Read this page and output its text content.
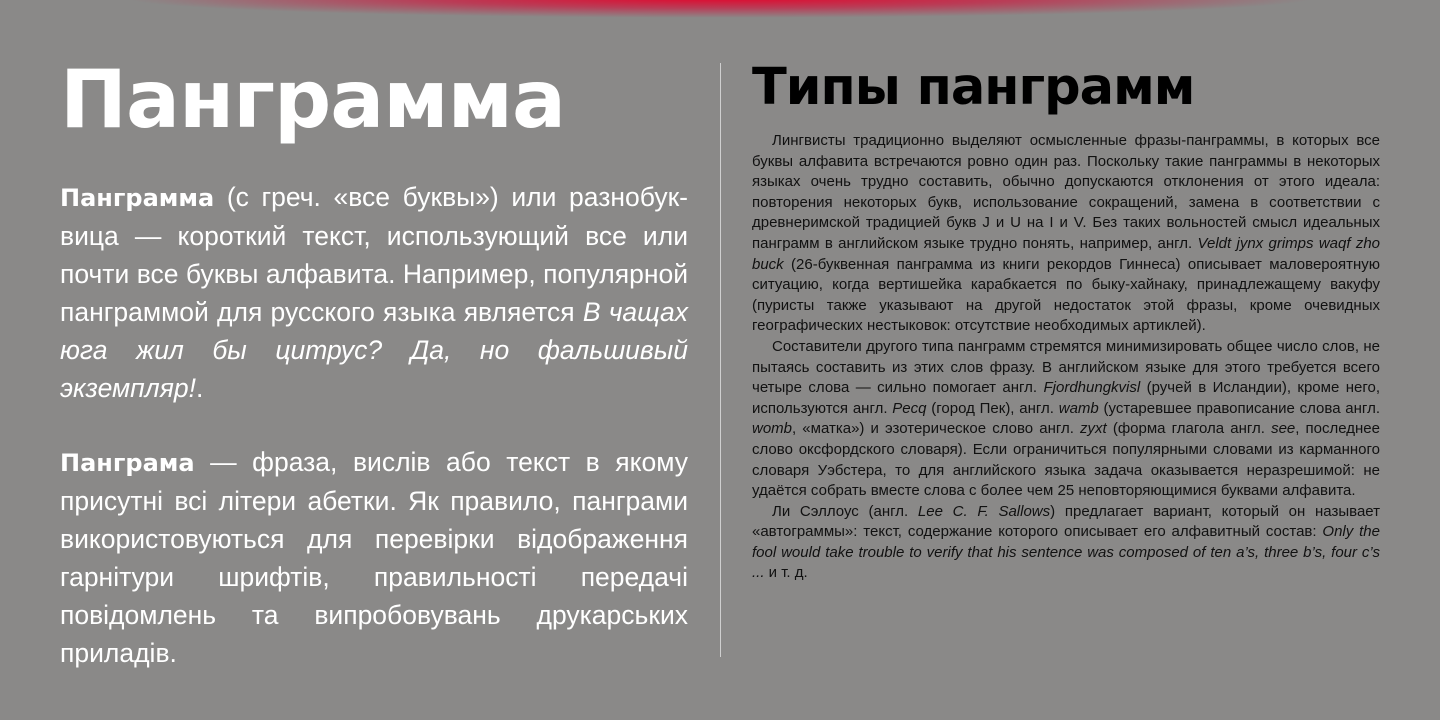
Панграмма

Панграмма (с греч. «все буквы») или разнобуквица — короткий текст, использующий все или почти все буквы алфавита. Например, популярной панграммой для русского языка является В чащах юга жил бы цитрус? Да, но фальшивый экземпляр!.

Панграма — фраза, вислів або текст в якому присутні всі літери абетки. Як правило, панграми використовуються для перевірки відображення гарнітури шрифтів, правильності передачі повідомлень та випробовувань друкарських приладів.

Типы панграмм

Лингвисты традиционно выделяют осмысленные фразы-панграммы, в которых все буквы алфавита встречаются ровно один раз. Поскольку такие панграммы в некоторых языках очень трудно составить, обычно допускаются отклонения от этого идеала: повторения некоторых букв, использование сокращений, замена в соответствии с древнеримской традицией букв J и U на I и V. Без таких вольностей смысл идеальных панграмм в английском языке трудно понять, например, англ. Veldt jynx grimps waqf zho buck (26-буквенная панграмма из книги рекордов Гиннеса) описывает маловероятную ситуацию, когда вертишейка карабкается по быку-хайнаку, принадлежащему вакуфу (пуристы также указывают на другой недостаток этой фразы, кроме очевидных географических нестыковок: отсутствие необходимых артиклей).

Составители другого типа панграмм стремятся минимизировать общее число слов, не пытаясь составить из этих слов фразу. В английском языке для этого требуется всего четыре слова — сильно помогает англ. Fjordhungkvisl (ручей в Исландии), кроме него, используются англ. Pecq (город Пек), англ. wamb (устаревшее правописание слова англ. womb, «матка») и эзотерическое слово англ. zyxt (форма глагола англ. see, последнее слово оксфордского словаря). Если ограничиться популярными словами из карманного словаря Уэбстера, то для английского языка задача оказывается неразрешимой: не удаётся собрать вместе слова с более чем 25 неповторяющимися буквами алфавита.

Ли Сэллоус (англ. Lee C. F. Sallows) предлагает вариант, который он называет «автограммы»: текст, содержание которого описывает его алфавитный состав: Only the fool would take trouble to verify that his sentence was composed of ten a’s, three b’s, four c’s ... и т. д.
